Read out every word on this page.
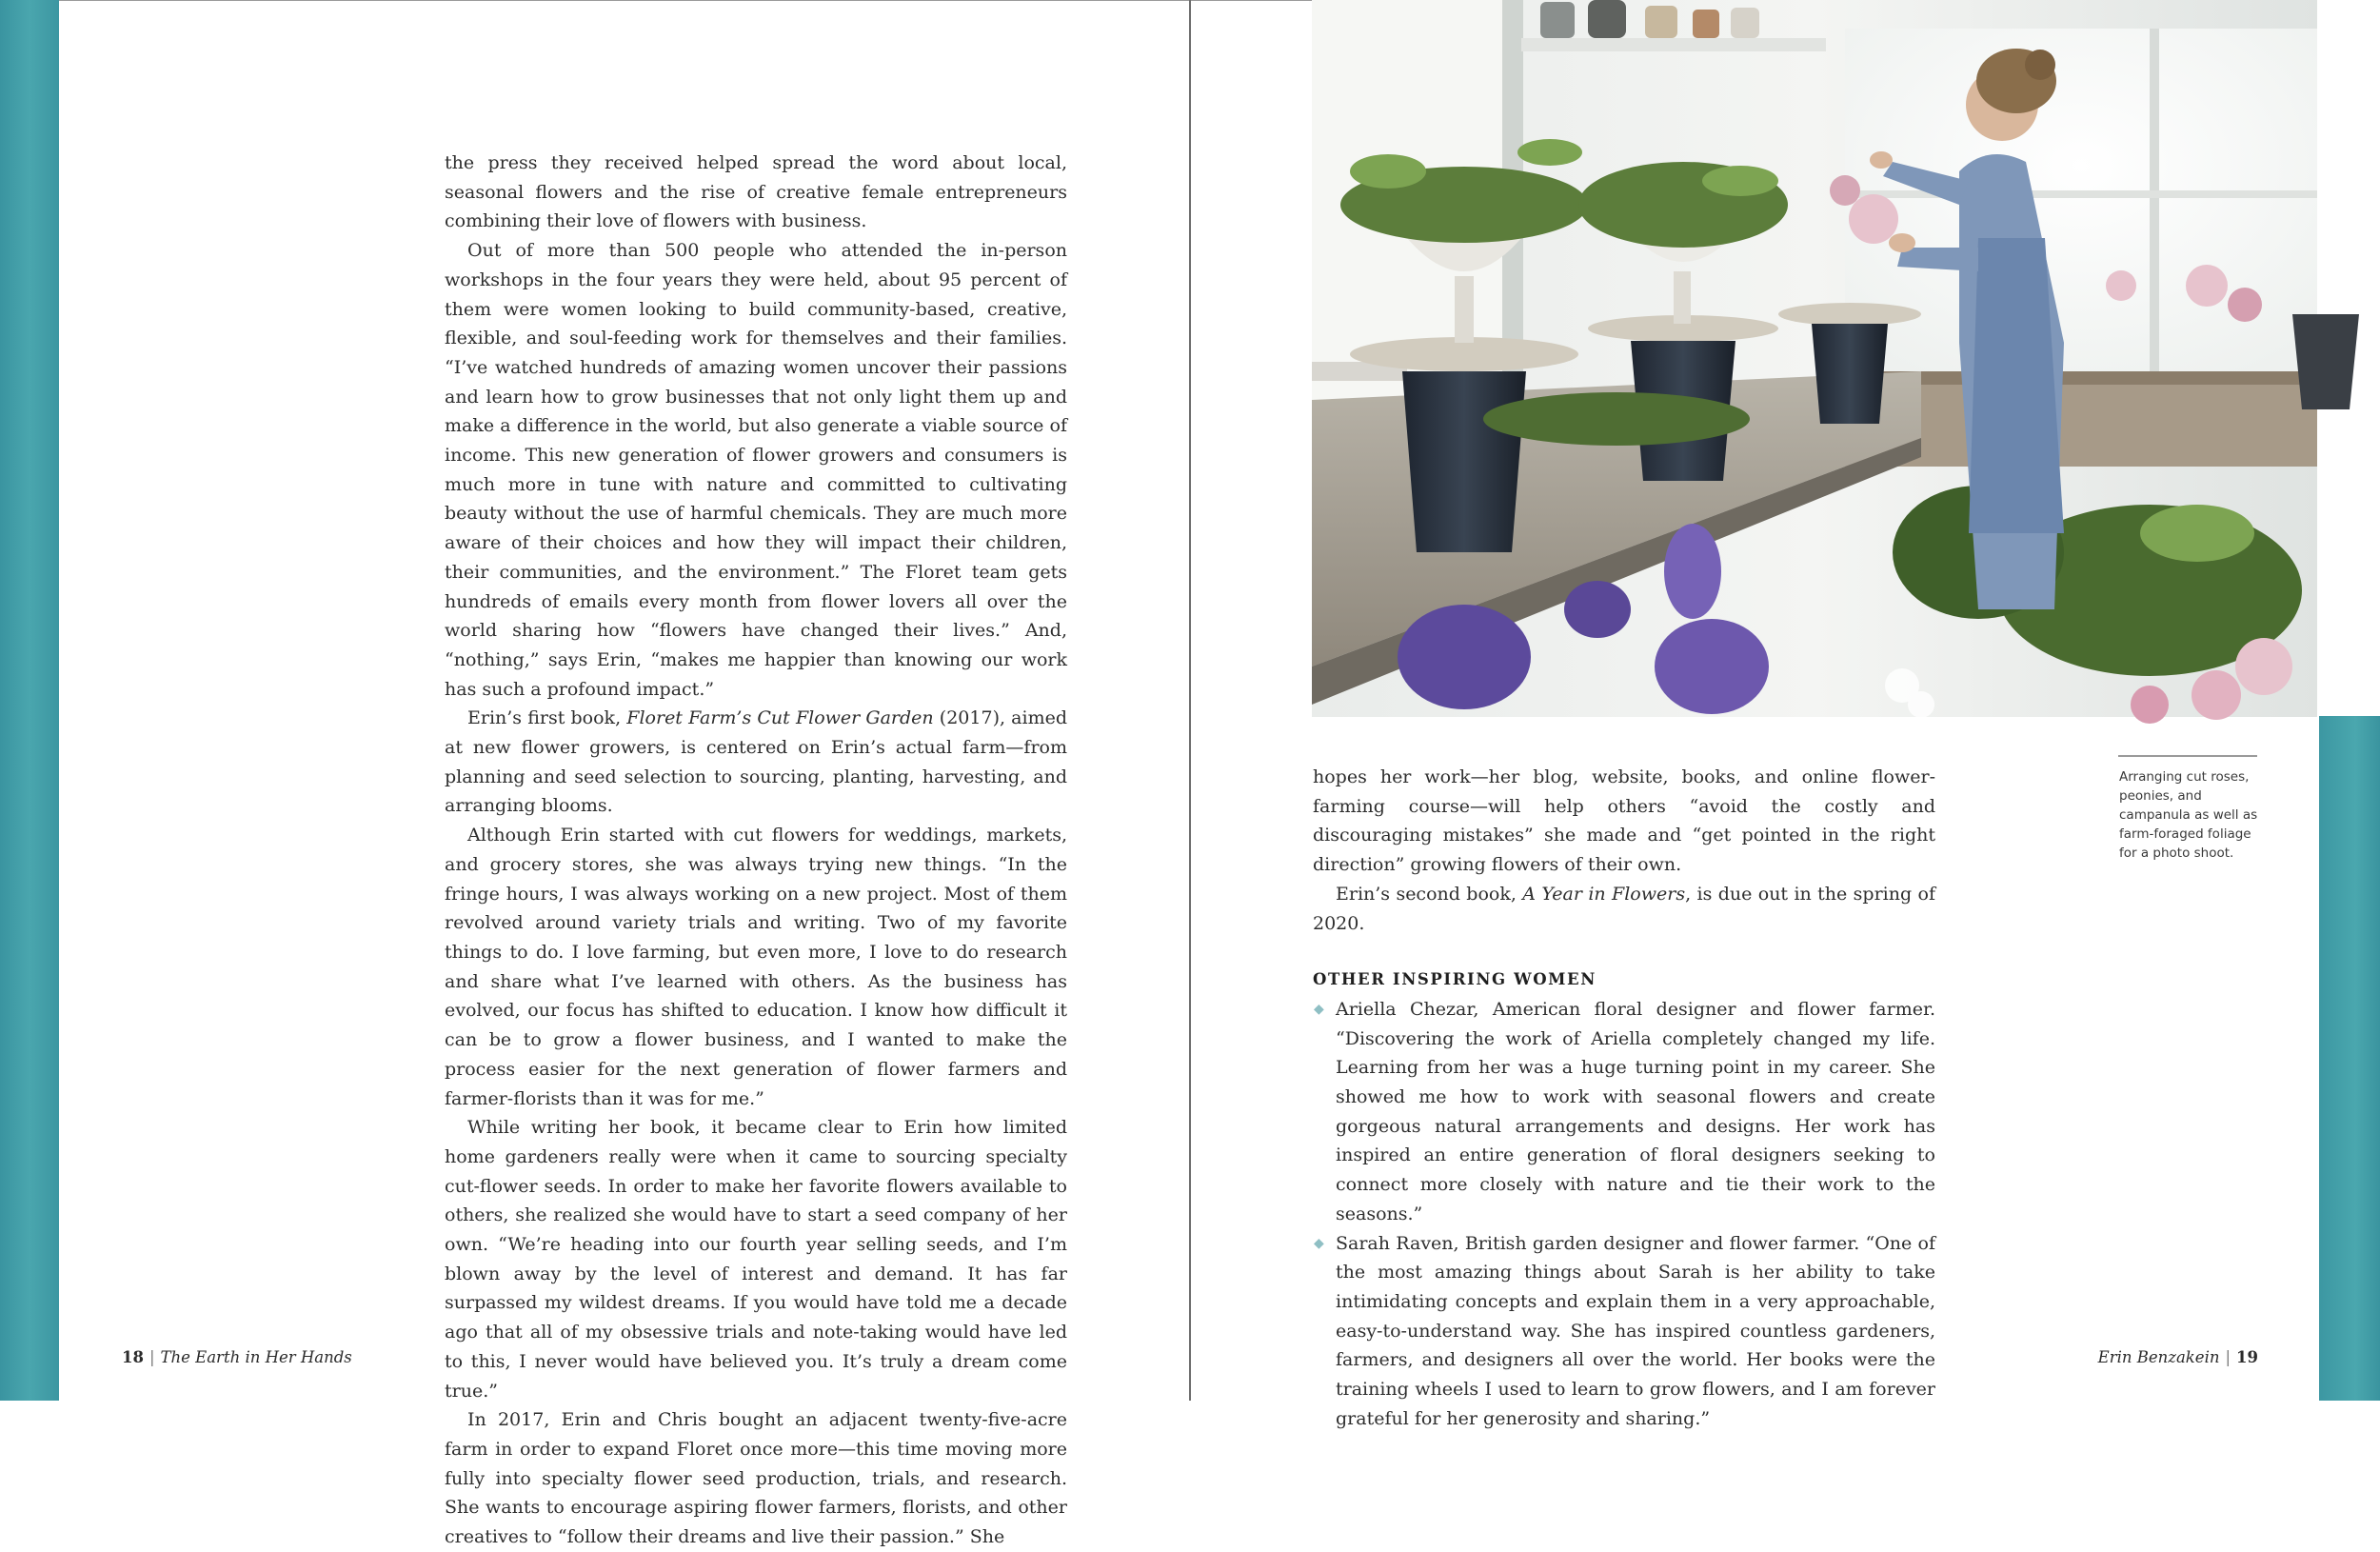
the press they received helped spread the word about local, seasonal flowers and the rise of creative female entrepreneurs combining their love of flowers with business.

Out of more than 500 people who attended the in-person workshops in the four years they were held, about 95 percent of them were women looking to build community-based, creative, flexible, and soul-feeding work for themselves and their families. “I’ve watched hundreds of amazing women uncover their passions and learn how to grow businesses that not only light them up and make a difference in the world, but also generate a viable source of income. This new generation of flower growers and consumers is much more in tune with nature and committed to cultivating beauty without the use of harmful chemicals. They are much more aware of their choices and how they will impact their children, their communities, and the environment.” The Floret team gets hundreds of emails every month from flower lovers all over the world sharing how “flowers have changed their lives.” And, “nothing,” says Erin, “makes me happier than knowing our work has such a profound impact.”

Erin’s first book, Floret Farm’s Cut Flower Garden (2017), aimed at new flower growers, is centered on Erin’s actual farm—from planning and seed selection to sourcing, planting, harvesting, and arranging blooms.

Although Erin started with cut flowers for weddings, markets, and grocery stores, she was always trying new things. “In the fringe hours, I was always working on a new project. Most of them revolved around variety trials and writing. Two of my favorite things to do. I love farming, but even more, I love to do research and share what I’ve learned with others. As the business has evolved, our focus has shifted to education. I know how difficult it can be to grow a flower business, and I wanted to make the process easier for the next generation of flower farmers and farmer-florists than it was for me.”

While writing her book, it became clear to Erin how limited home gardeners really were when it came to sourcing specialty cut-flower seeds. In order to make her favorite flowers available to others, she realized she would have to start a seed company of her own. “We’re heading into our fourth year selling seeds, and I’m blown away by the level of interest and demand. It has far surpassed my wildest dreams. If you would have told me a decade ago that all of my obsessive trials and note-taking would have led to this, I never would have believed you. It’s truly a dream come true.”

In 2017, Erin and Chris bought an adjacent twenty-five-acre farm in order to expand Floret once more—this time moving more fully into specialty flower seed production, trials, and research. She wants to encourage aspiring flower farmers, florists, and other creatives to “follow their dreams and live their passion.” She

18 | The Earth in Her Hands

hopes her work—her blog, website, books, and online flower-farming course—will help others “avoid the costly and discouraging mistakes” she made and “get pointed in the right direction” growing flowers of their own.

Erin’s second book, A Year in Flowers, is due out in the spring of 2020.

OTHER INSPIRING WOMEN
◆ Ariella Chezar, American floral designer and flower farmer. “Discovering the work of Ariella completely changed my life. Learning from her was a huge turning point in my career. She showed me how to work with seasonal flowers and create gorgeous natural arrangements and designs. Her work has inspired an entire generation of floral designers seeking to connect more closely with nature and tie their work to the seasons.”
◆ Sarah Raven, British garden designer and flower farmer. “One of the most amazing things about Sarah is her ability to take intimidating concepts and explain them in a very approachable, easy-to-understand way. She has inspired countless gardeners, farmers, and designers all over the world. Her books were the training wheels I used to learn to grow flowers, and I am forever grateful for her generosity and sharing.”
Arranging cut roses, peonies, and campanula as well as farm-foraged foliage for a photo shoot.
Erin Benzakein | 19
